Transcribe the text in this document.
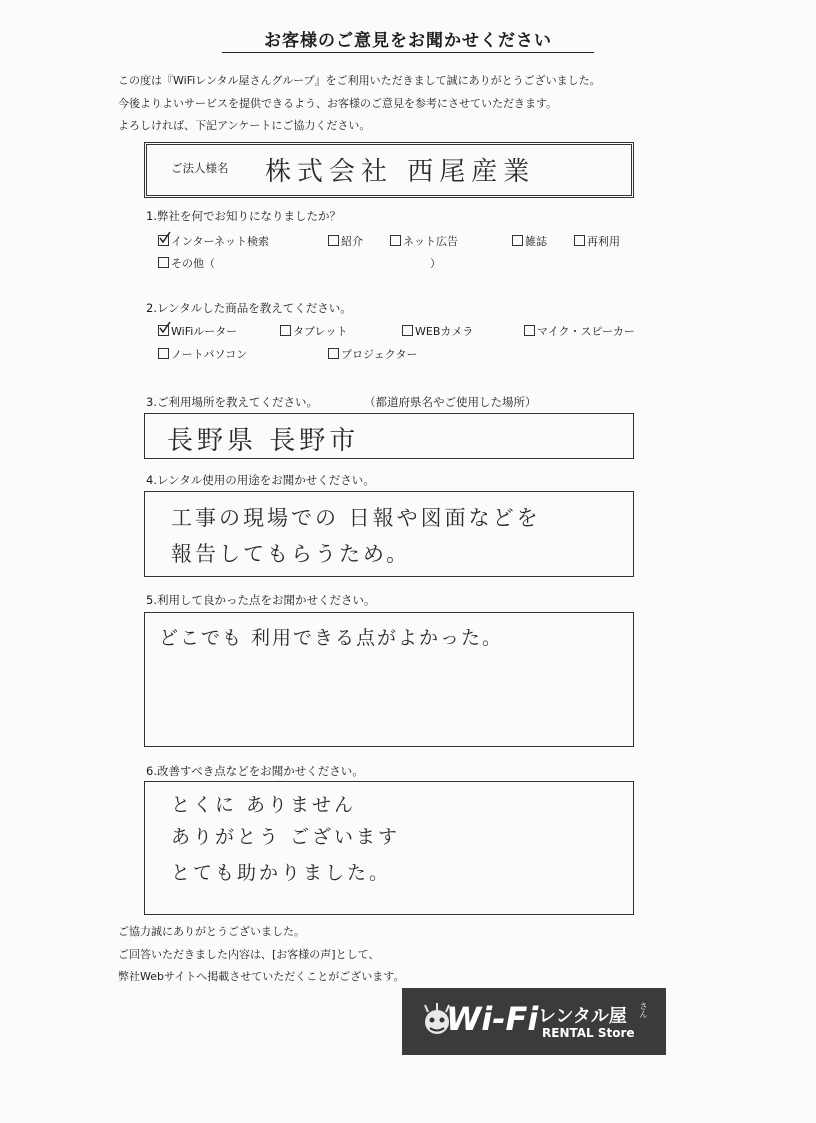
お客様のご意見をお聞かせください
この度は『WiFiレンタル屋さんグループ』をご利用いただきまして誠にありがとうございました。
今後よりよいサービスを提供できるよう、お客様のご意見を参考にさせていただきます。
よろしければ、下記アンケートにご協力ください。
ご法人様名 株式会社 西尾産業
1.弊社を何でお知りになりましたか？
インターネット検索	紹介	ネット広告	雑誌	再利用
その他（	）
2.レンタルした商品を教えてください。
WiFiルーター	タブレット	WEBカメラ	マイク・スピーカー
ノートパソコン	プロジェクター
3.ご利用場所を教えてください。	（都道府県名やご使用した場所）
長野県 長野市
4.レンタル使用の用途をお聞かせください。
工事の現場での 日報や図面などを
報告してもらうため。
5.利用して良かった点をお聞かせください。
どこでも 利用できる点がよかった。
6.改善すべき点などをお聞かせください。
とくに ありません
ありがとう ございます
とても助かりました。
ご協力誠にありがとうございました。
ご回答いただきました内容は、[お客様の声]として、
弊社Webサイトへ掲載させていただくことがございます。
Wi-Fi レンタル屋 さん
RENTAL Store
